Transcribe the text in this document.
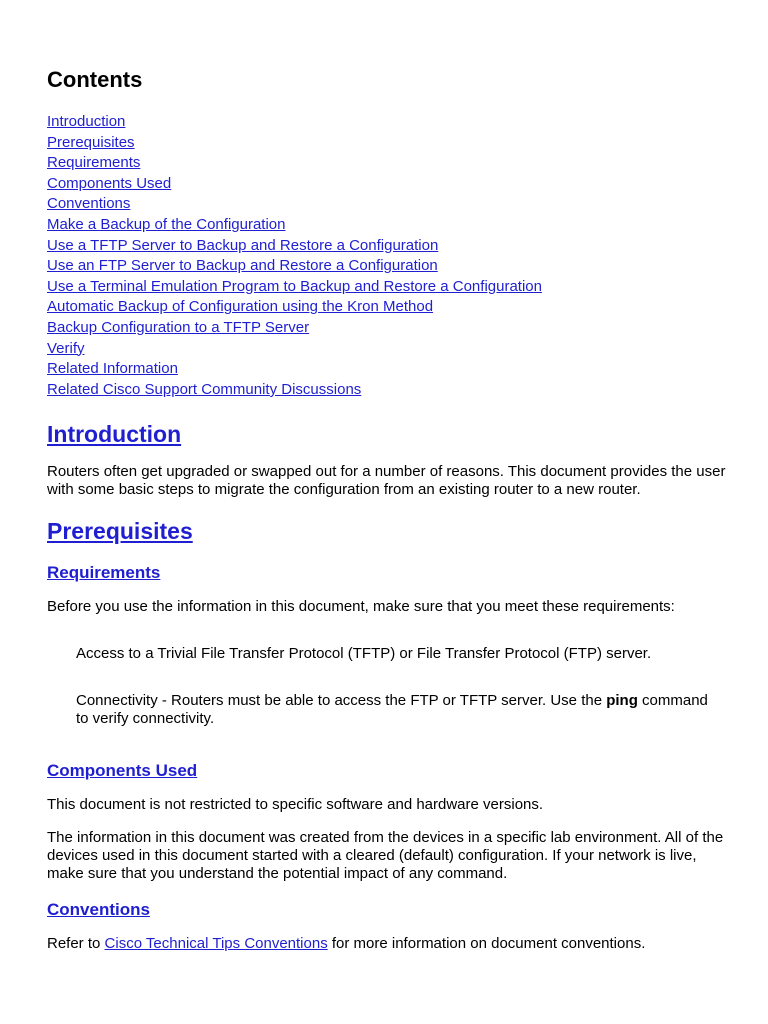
Contents
Introduction
Prerequisites
Requirements
Components Used
Conventions
Make a Backup of the Configuration
Use a TFTP Server to Backup and Restore a Configuration
Use an FTP Server to Backup and Restore a Configuration
Use a Terminal Emulation Program to Backup and Restore a Configuration
Automatic Backup of Configuration using the Kron Method
Backup Configuration to a TFTP Server
Verify
Related Information
Related Cisco Support Community Discussions
Introduction

Routers often get upgraded or swapped out for a number of reasons. This document provides the user with some basic steps to migrate the configuration from an existing router to a new router.

Prerequisites
Requirements

Before you use the information in this document, make sure that you meet these requirements:

Access to a Trivial File Transfer Protocol (TFTP) or File Transfer Protocol (FTP) server.

Connectivity - Routers must be able to access the FTP or TFTP server. Use the ping command to verify connectivity.

Components Used

This document is not restricted to specific software and hardware versions.

The information in this document was created from the devices in a specific lab environment. All of the devices used in this document started with a cleared (default) configuration. If your network is live, make sure that you understand the potential impact of any command.

Conventions

Refer to Cisco Technical Tips Conventions for more information on document conventions.
